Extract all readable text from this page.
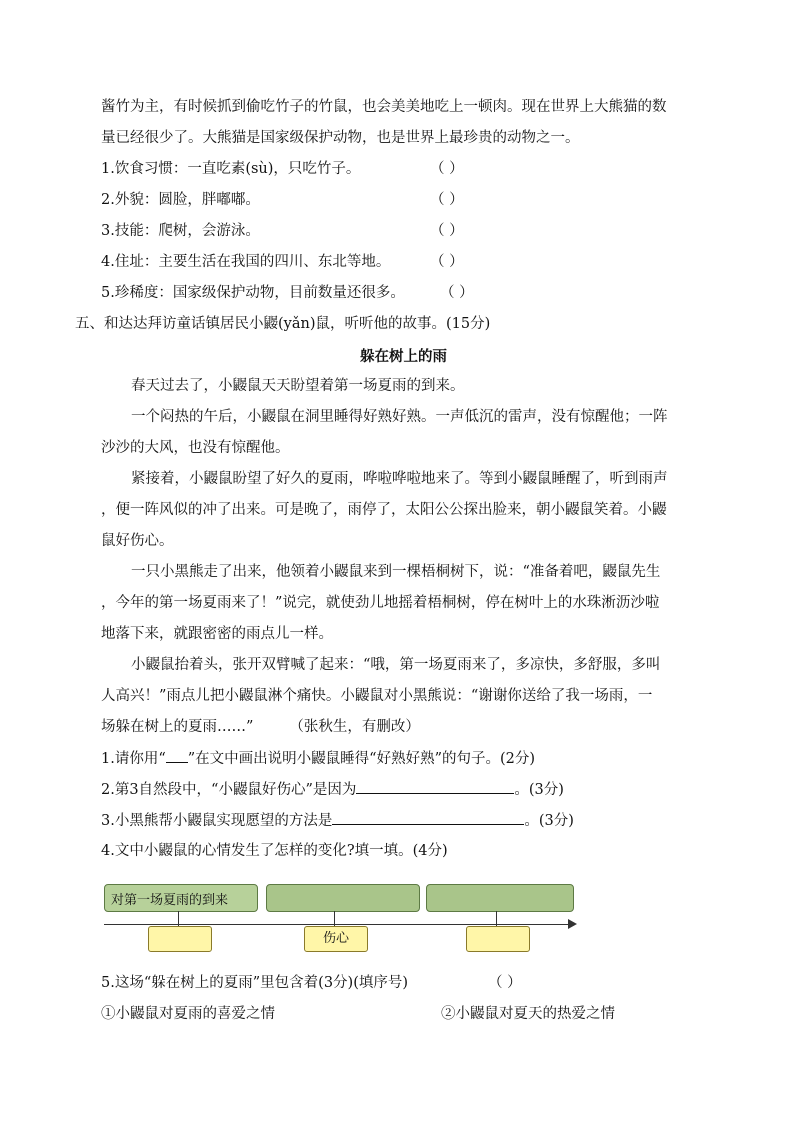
酱竹为主，有时候抓到偷吃竹子的竹鼠，也会美美地吃上一顿肉。现在世界上大熊猫的数
量已经很少了。大熊猫是国家级保护动物，也是世界上最珍贵的动物之一。
1.饮食习惯：一直吃素(sù)，只吃竹子。	（ ）
2.外貌：圆脸，胖嘟嘟。	（ ）
3.技能：爬树，会游泳。	（ ）
4.住址：主要生活在我国的四川、东北等地。	（ ）
5.珍稀度：国家级保护动物，目前数量还很多。 （ ）
五、和达达拜访童话镇居民小鼹(yǎn)鼠，听听他的故事。(15分)
躲在树上的雨
春天过去了，小鼹鼠天天盼望着第一场夏雨的到来。
一个闷热的午后，小鼹鼠在洞里睡得好熟好熟。一声低沉的雷声，没有惊醒他；一阵
沙沙的大风，也没有惊醒他。
紧接着，小鼹鼠盼望了好久的夏雨，哗啦哗啦地来了。等到小鼹鼠睡醒了，听到雨声
，便一阵风似的冲了出来。可是晚了，雨停了，太阳公公探出脸来，朝小鼹鼠笑着。小鼹
鼠好伤心。
一只小黑熊走了出来，他领着小鼹鼠来到一棵梧桐树下，说：“准备着吧，鼹鼠先生
，今年的第一场夏雨来了！”说完，就使劲儿地摇着梧桐树，停在树叶上的水珠淅沥沙啦
地落下来，就跟密密的雨点儿一样。
小鼹鼠抬着头，张开双臂喊了起来：“哦，第一场夏雨来了，多凉快，多舒服，多叫
人高兴！”雨点儿把小鼹鼠淋个痛快。小鼹鼠对小黑熊说：“谢谢你送给了我一场雨，一
场躲在树上的夏雨……” （张秋生，有删改）
1.请你用“ ”在文中画出说明小鼹鼠睡得“好熟好熟”的句子。(2分)
2.第3自然段中，“小鼹鼠好伤心”是因为	。(3分)
3.小黑熊帮小鼹鼠实现愿望的方法是	。(3分)
4.文中小鼹鼠的心情发生了怎样的变化?填一填。(4分)
对第一场夏雨的到来
伤心
5.这场“躲在树上的夏雨”里包含着(3分)(填序号)	（ ）
①小鼹鼠对夏雨的喜爱之情	②小鼹鼠对夏天的热爱之情
